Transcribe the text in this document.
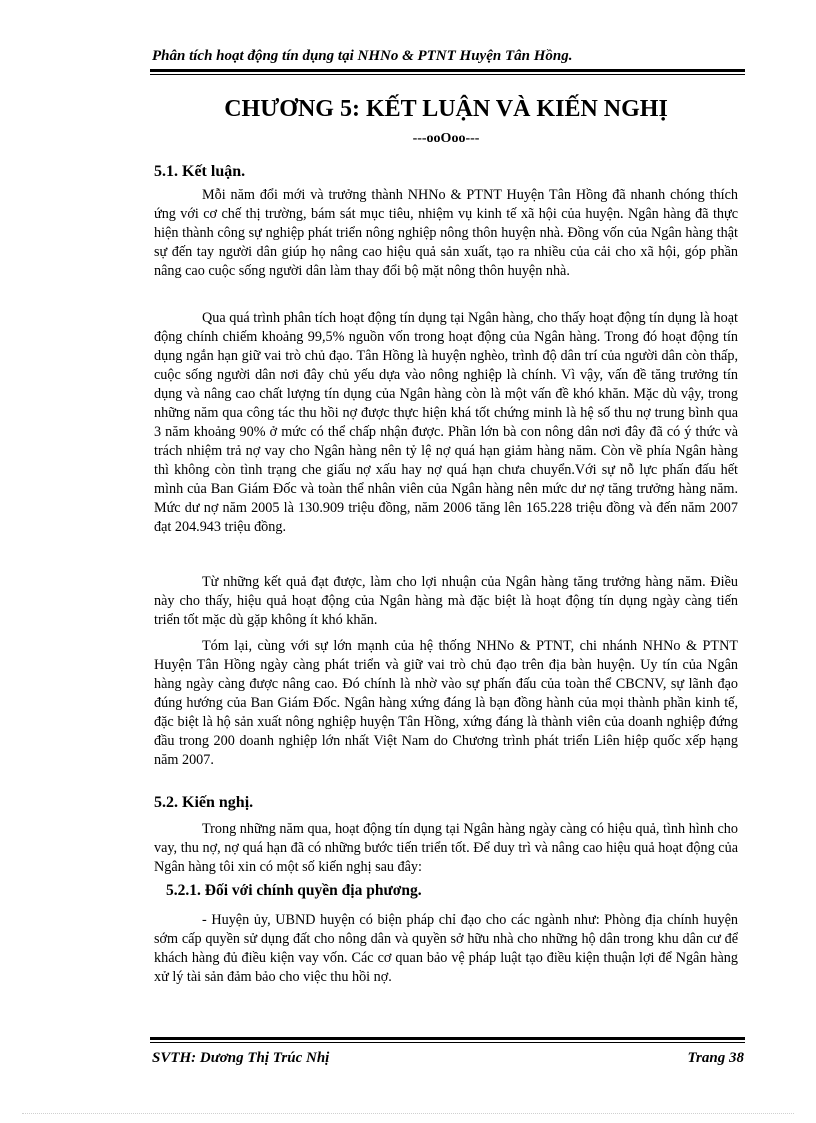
Phân tích hoạt động tín dụng tại NHNo & PTNT Huyện Tân Hồng.
CHƯƠNG 5: KẾT LUẬN VÀ KIẾN NGHỊ
---ooOoo---
5.1. Kết luận.

Mỗi năm đổi mới và trưởng thành NHNo & PTNT Huyện Tân Hồng đã nhanh chóng thích ứng với cơ chế thị trường, bám sát mục tiêu, nhiệm vụ kinh tế xã hội của huyện. Ngân hàng đã thực hiện thành công sự nghiệp phát triển nông nghiệp nông thôn huyện nhà. Đồng vốn của Ngân hàng thật sự đến tay người dân giúp họ nâng cao hiệu quả sản xuất, tạo ra nhiều của cải cho xã hội, góp phần nâng cao cuộc sống người dân làm thay đổi bộ mặt nông thôn huyện nhà.

Qua quá trình phân tích hoạt động tín dụng tại Ngân hàng, cho thấy hoạt động tín dụng là hoạt động chính chiếm khoảng 99,5% nguồn vốn trong hoạt động của Ngân hàng. Trong đó hoạt động tín dụng ngắn hạn giữ vai trò chủ đạo. Tân Hồng là huyện nghèo, trình độ dân trí của người dân còn thấp, cuộc sống người dân nơi đây chủ yếu dựa vào nông nghiệp là chính. Vì vậy, vấn đề tăng trưởng tín dụng và nâng cao chất lượng tín dụng của Ngân hàng còn là một vấn đề khó khăn. Mặc dù vậy, trong những năm qua công tác thu hồi nợ được thực hiện khá tốt chứng minh là hệ số thu nợ trung bình qua 3 năm khoảng 90% ở mức có thể chấp nhận được. Phần lớn bà con nông dân nơi đây đã có ý thức và trách nhiệm trả nợ vay cho Ngân hàng nên tỷ lệ nợ quá hạn giảm hàng năm. Còn về phía Ngân hàng thì không còn tình trạng che giấu nợ xấu hay nợ quá hạn chưa chuyển.Với sự nỗ lực phấn đấu hết mình của Ban Giám Đốc và toàn thể nhân viên của Ngân hàng nên mức dư nợ tăng trưởng hàng năm. Mức dư nợ năm 2005 là 130.909 triệu đồng, năm 2006 tăng lên 165.228 triệu đồng và đến năm 2007 đạt 204.943 triệu đồng.

Từ những kết quả đạt được, làm cho lợi nhuận của Ngân hàng tăng trưởng hàng năm. Điều này cho thấy, hiệu quả hoạt động của Ngân hàng mà đặc biệt là hoạt động tín dụng ngày càng tiến triển tốt mặc dù gặp không ít khó khăn.

Tóm lại, cùng với sự lớn mạnh của hệ thống NHNo & PTNT, chi nhánh NHNo & PTNT Huyện Tân Hồng ngày càng phát triển và giữ vai trò chủ đạo trên địa bàn huyện. Uy tín của Ngân hàng ngày càng được nâng cao. Đó chính là nhờ vào sự phấn đấu của toàn thể CBCNV, sự lãnh đạo đúng hướng của Ban Giám Đốc. Ngân hàng xứng đáng là bạn đồng hành của mọi thành phần kinh tế, đặc biệt là hộ sản xuất nông nghiệp huyện Tân Hồng, xứng đáng là thành viên của doanh nghiệp đứng đầu trong 200 doanh nghiệp lớn nhất Việt Nam do Chương trình phát triển Liên hiệp quốc xếp hạng năm 2007.

5.2. Kiến nghị.

Trong những năm qua, hoạt động tín dụng tại Ngân hàng ngày càng có hiệu quả, tình hình cho vay, thu nợ, nợ quá hạn đã có những bước tiến triển tốt. Để duy trì và nâng cao hiệu quả hoạt động của Ngân hàng tôi xin có một số kiến nghị sau đây:

5.2.1. Đối với chính quyền địa phương.

- Huyện ủy, UBND huyện có biện pháp chỉ đạo cho các ngành như: Phòng địa chính huyện sớm cấp quyền sử dụng đất cho nông dân và quyền sở hữu nhà cho những hộ dân trong khu dân cư để khách hàng đủ điều kiện vay vốn. Các cơ quan bảo vệ pháp luật tạo điều kiện thuận lợi để Ngân hàng xử lý tài sản đảm bảo cho việc thu hồi nợ.

SVTH: Dương Thị Trúc Nhị	Trang 38
